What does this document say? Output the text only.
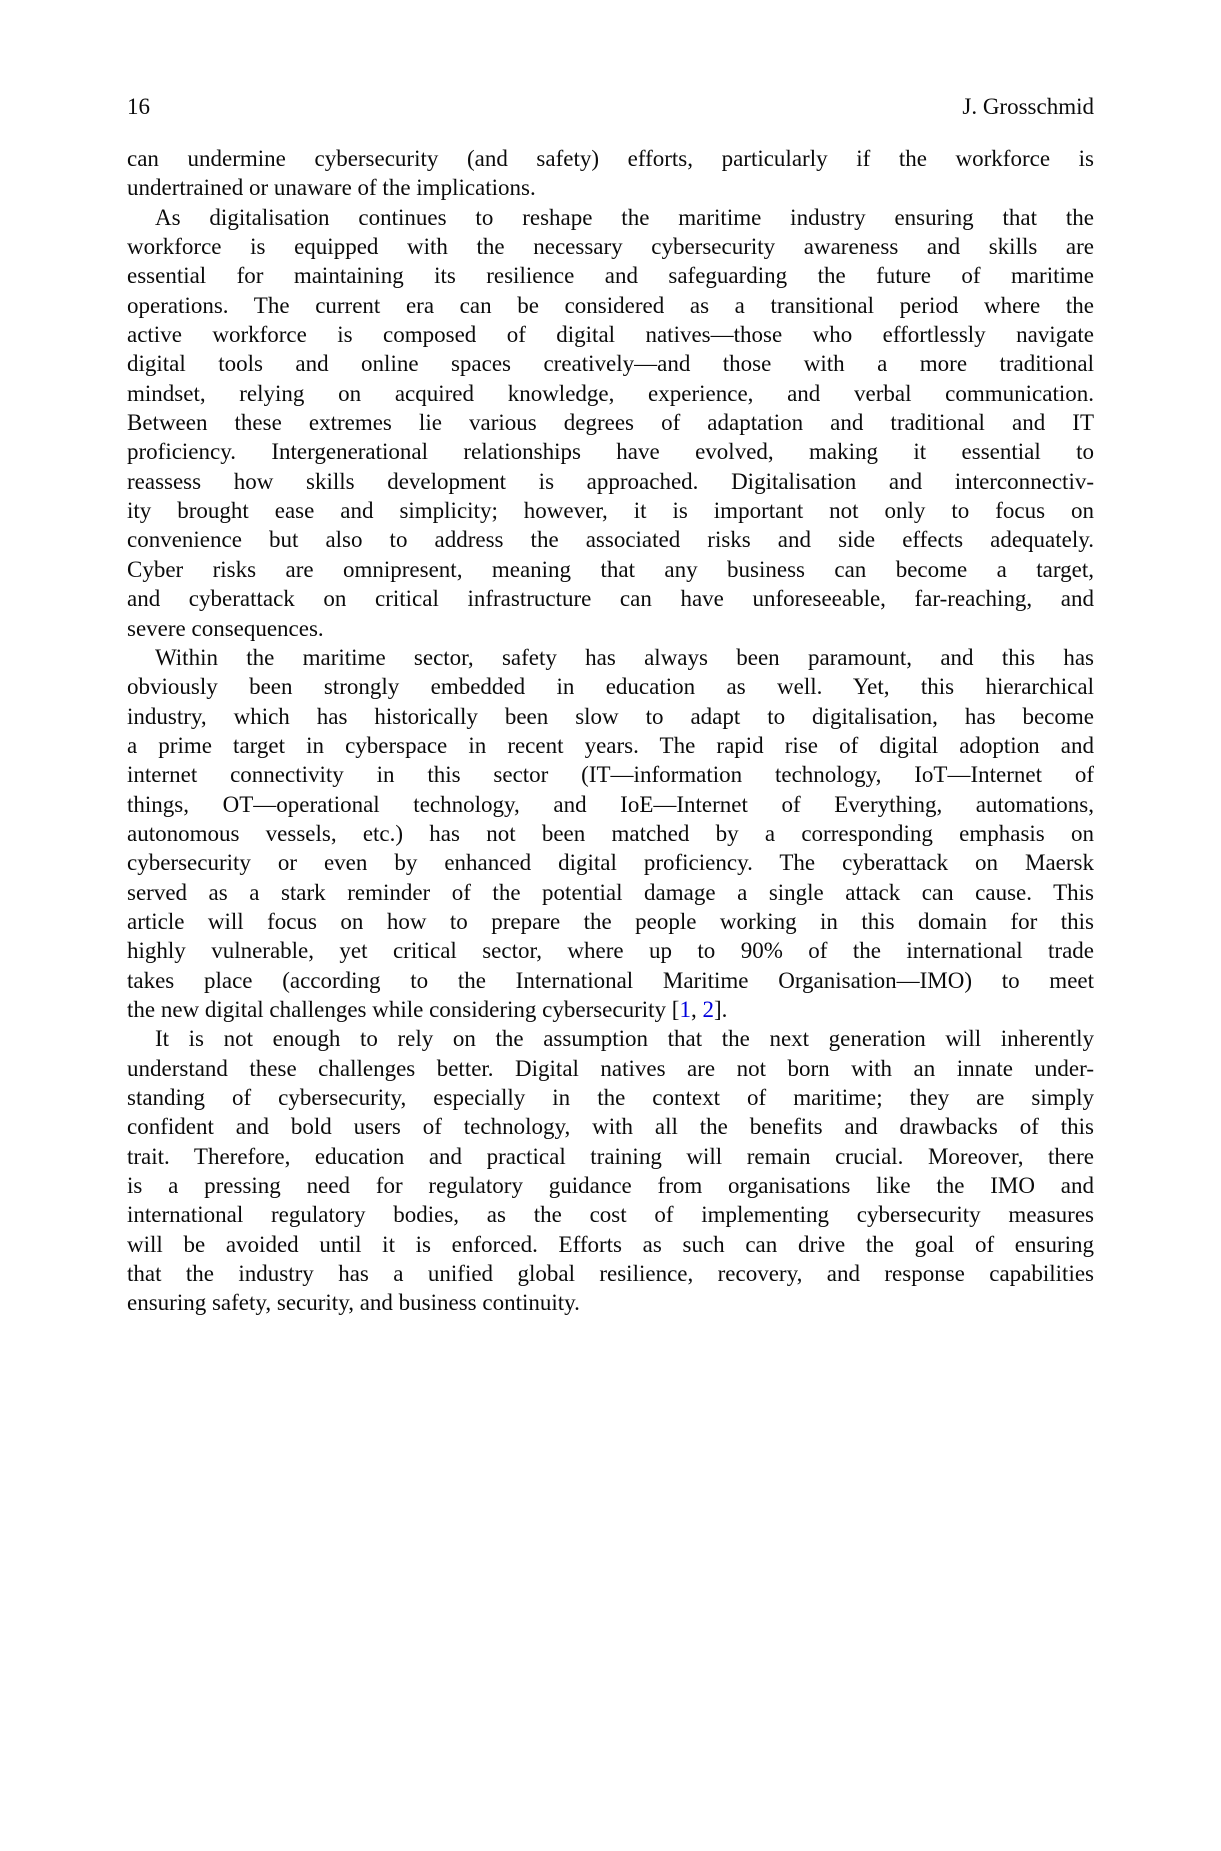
16	J. Grosschmid
can undermine cybersecurity (and safety) efforts, particularly if the workforce is
undertrained or unaware of the implications.
As digitalisation continues to reshape the maritime industry ensuring that the
workforce is equipped with the necessary cybersecurity awareness and skills are
essential for maintaining its resilience and safeguarding the future of maritime
operations. The current era can be considered as a transitional period where the
active workforce is composed of digital natives—those who effortlessly navigate
digital tools and online spaces creatively—and those with a more traditional
mindset, relying on acquired knowledge, experience, and verbal communication.
Between these extremes lie various degrees of adaptation and traditional and IT
proficiency. Intergenerational relationships have evolved, making it essential to
reassess how skills development is approached. Digitalisation and interconnectiv-
ity brought ease and simplicity; however, it is important not only to focus on
convenience but also to address the associated risks and side effects adequately.
Cyber risks are omnipresent, meaning that any business can become a target,
and cyberattack on critical infrastructure can have unforeseeable, far-reaching, and
severe consequences.
Within the maritime sector, safety has always been paramount, and this has
obviously been strongly embedded in education as well. Yet, this hierarchical
industry, which has historically been slow to adapt to digitalisation, has become
a prime target in cyberspace in recent years. The rapid rise of digital adoption and
internet connectivity in this sector (IT—information technology, IoT—Internet of
things, OT—operational technology, and IoE—Internet of Everything, automations,
autonomous vessels, etc.) has not been matched by a corresponding emphasis on
cybersecurity or even by enhanced digital proficiency. The cyberattack on Maersk
served as a stark reminder of the potential damage a single attack can cause. This
article will focus on how to prepare the people working in this domain for this
highly vulnerable, yet critical sector, where up to 90% of the international trade
takes place (according to the International Maritime Organisation—IMO) to meet
the new digital challenges while considering cybersecurity [1, 2].
It is not enough to rely on the assumption that the next generation will inherently
understand these challenges better. Digital natives are not born with an innate under-
standing of cybersecurity, especially in the context of maritime; they are simply
confident and bold users of technology, with all the benefits and drawbacks of this
trait. Therefore, education and practical training will remain crucial. Moreover, there
is a pressing need for regulatory guidance from organisations like the IMO and
international regulatory bodies, as the cost of implementing cybersecurity measures
will be avoided until it is enforced. Efforts as such can drive the goal of ensuring
that the industry has a unified global resilience, recovery, and response capabilities
ensuring safety, security, and business continuity.
